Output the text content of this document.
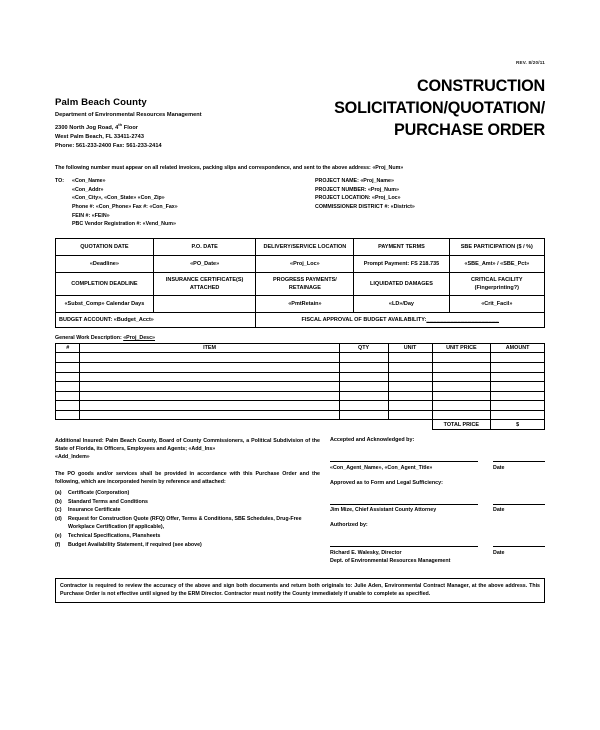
REV. 8/20/11
Palm Beach County
Department of Environmental Resources Management
2300 North Jog Road, 4th Floor
West Palm Beach, FL 33411-2743
Phone: 561-233-2400 Fax: 561-233-2414
CONSTRUCTION
SOLICITATION/QUOTATION/
PURCHASE ORDER
The following number must appear on all related invoices, packing slips and correspondence, and sent to the above address: «Proj_Num»
TO: «Con_Name»
«Con_Addr»
«Con_City», «Con_State» «Con_Zip»
Phone #: «Con_Phone» Fax #: «Con_Fax»
FEIN #: «FEIN»
PBC Vendor Registration #: «Vend_Num»
PROJECT NAME: «Proj_Name»
PROJECT NUMBER: «Proj_Num»
PROJECT LOCATION: «Proj_Loc»
COMMISSIONER DISTRICT #: «District»
QUOTATION DATE	P.O. DATE	DELIVERY/SERVICE LOCATION	PAYMENT TERMS	SBE PARTICIPATION ($ / %)
«Deadline»	«PO_Date»	«Proj_Loc»	Prompt Payment: FS 218.735	«SBE_Amt» / «SBE_Pct»
COMPLETION DEADLINE	INSURANCE CERTIFICATE(S) ATTACHED	PROGRESS PAYMENTS/ RETAINAGE	LIQUIDATED DAMAGES	CRITICAL FACILITY (Fingerprinting?)
«Subst_Comp» Calendar Days		«PmtRetain»	«LD»/Day	«Crit_Facil»
BUDGET ACCOUNT: «Budget_Acct»		FISCAL APPROVAL OF BUDGET AVAILABILITY:_____________________		
General Work Description: «Proj_Desc»
#	ITEM	QTY	UNIT	UNIT PRICE	AMOUNT

				TOTAL PRICE	$
Additional Insured: Palm Beach County, Board of County Commissioners, a Political Subdivision of the State of Florida, its Officers, Employees and Agents; «Add_Ins»
«Add_Indem»
The PO goods and/or services shall be provided in accordance with this Purchase Order and the following, which are incorporated herein by reference and attached:
(a)	Certificate (Corporation)
(b)	Standard Terms and Conditions
(c)	Insurance Certificate
(d)	Request for Construction Quote (RFQ) Offer, Terms & Conditions, SBE Schedules, Drug-Free Workplace Certification (if applicable),
(e)	Technical Specifications, Plansheets
(f)	Budget Availability Statement, if required (see above)
Accepted and Acknowledged by:
«Con_Agent_Name», «Con_Agent_Title»	Date
Approved as to Form and Legal Sufficiency:
Jim Mize, Chief Assistant County Attorney	Date
Authorized by:
Richard E. Walesky, Director
Dept. of Environmental Resources Management
Date

Contractor is required to review the accuracy of the above and sign both documents and return both originals to: Julie Aden, Environmental Contract Manager, at the above address. This Purchase Order is not effective until signed by the ERM Director. Contractor must notify the County immediately if unable to complete as specified.
